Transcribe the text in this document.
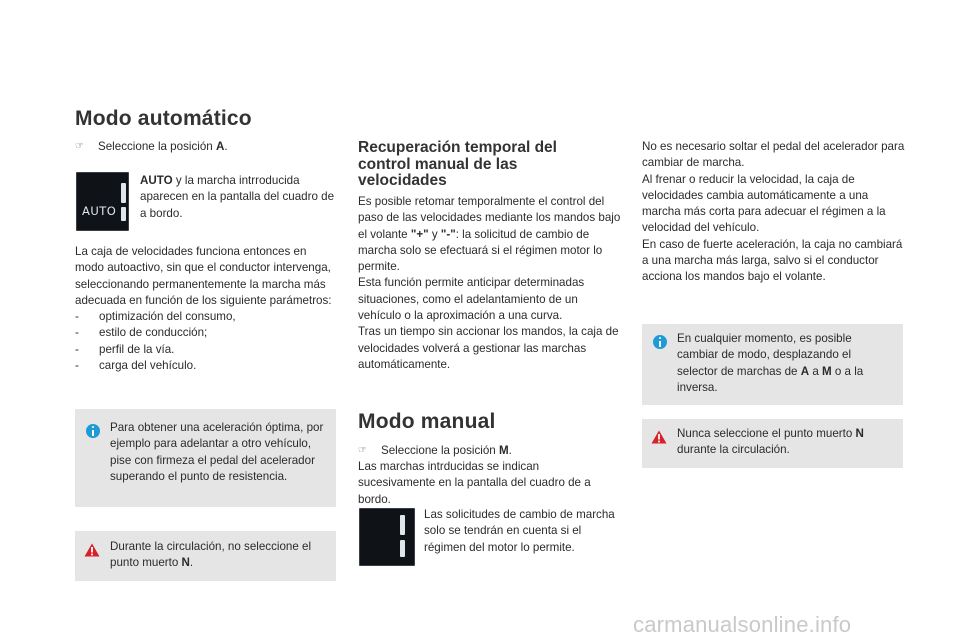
Modo automático
☞ Seleccione la posición A.
AUTO
AUTO y la marcha intrroducida aparecen en la pantalla del cuadro de a bordo.

La caja de velocidades funciona entonces en modo autoactivo, sin que el conductor intervenga, seleccionando permanentemente la marcha más adecuada en función de los siguiente parámetros:

- optimización del consumo,
- estilo de conducción;
- perfil de la vía.
- carga del vehículo.

Para obtener una aceleración óptima, por ejemplo para adelantar a otro vehículo, pise con firmeza el pedal del acelerador superando el punto de resistencia.

Durante la circulación, no seleccione el punto muerto N.

Recuperación temporal del control manual de las velocidades

Es posible retomar temporalmente el control del paso de las velocidades mediante los mandos bajo el volante "+" y "-": la solicitud de cambio de marcha solo se efectuará si el régimen motor lo permite.

Esta función permite anticipar determinadas situaciones, como el adelantamiento de un vehículo o la aproximación a una curva.

Tras un tiempo sin accionar los mandos, la caja de velocidades volverá a gestionar las marchas automáticamente.

Modo manual
☞ Seleccione la posición M.

Las marchas intrducidas se indican sucesivamente en la pantalla del cuadro de a bordo.

Las solicitudes de cambio de marcha solo se tendrán en cuenta si el régimen del motor lo permite.

No es necesario soltar el pedal del acelerador para cambiar de marcha.

Al frenar o reducir la velocidad, la caja de velocidades cambia automáticamente a una marcha más corta para adecuar el régimen a la velocidad del vehículo.

En caso de fuerte aceleración, la caja no cambiará a una marcha más larga, salvo si el conductor acciona los mandos bajo el volante.

En cualquier momento, es posible cambiar de modo, desplazando el selector de marchas de A a M o a la inversa.

Nunca seleccione el punto muerto N durante la circulación.

carmanualsonline.info
